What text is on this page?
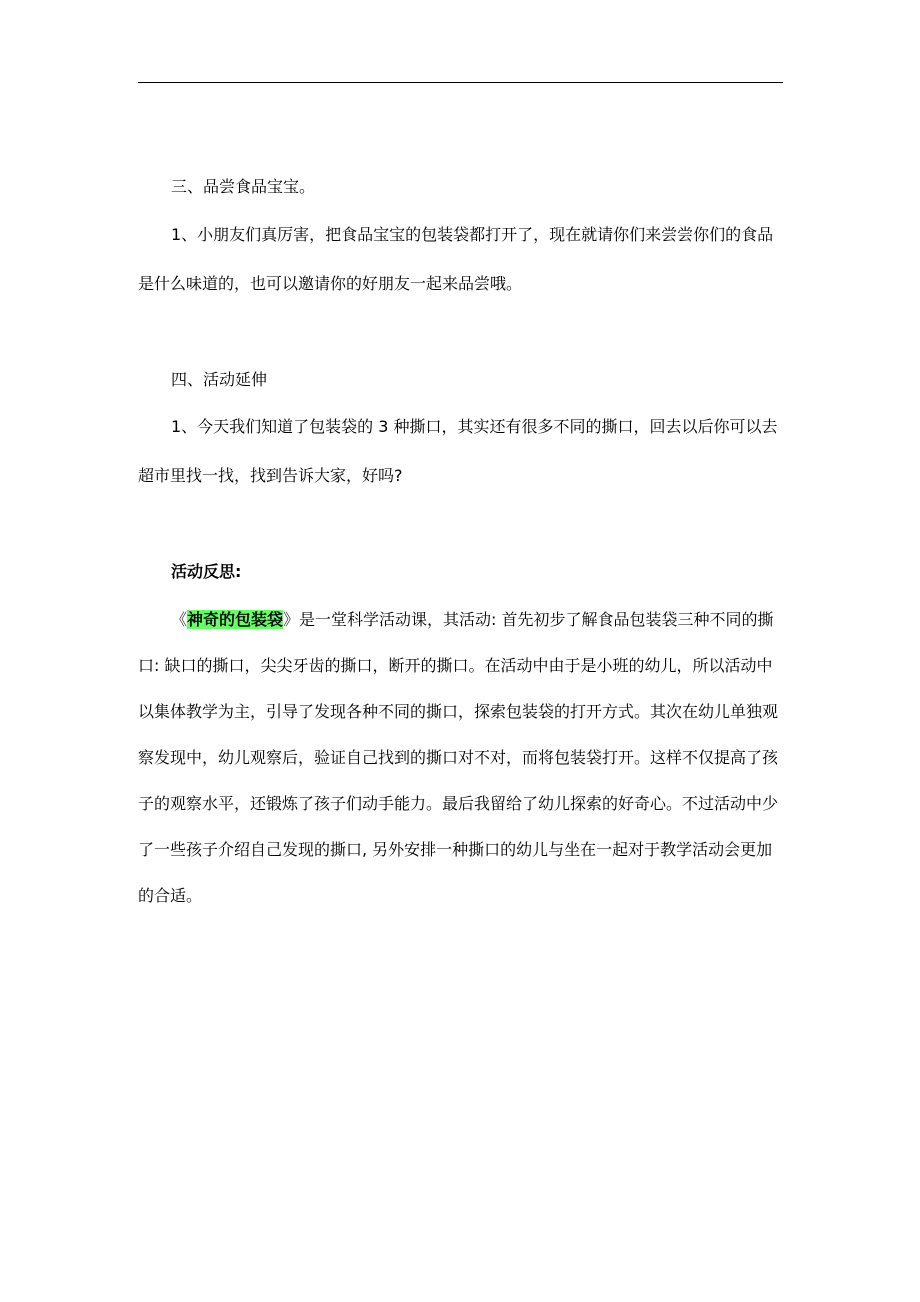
三、品尝食品宝宝。
1、小朋友们真厉害，把食品宝宝的包装袋都打开了，现在就请你们来尝尝你们的食品
是什么味道的，也可以邀请你的好朋友一起来品尝哦。
四、活动延伸
1、今天我们知道了包装袋的 3 种撕口，其实还有很多不同的撕口，回去以后你可以去
超市里找一找，找到告诉大家，好吗?
活动反思:
《神奇的包装袋》是一堂科学活动课，其活动: 首先初步了解食品包装袋三种不同的撕
口: 缺口的撕口，尖尖牙齿的撕口，断开的撕口。在活动中由于是小班的幼儿，所以活动中
以集体教学为主，引导了发现各种不同的撕口，探索包装袋的打开方式。其次在幼儿单独观
察发现中，幼儿观察后，验证自己找到的撕口对不对，而将包装袋打开。这样不仅提高了孩
子的观察水平，还锻炼了孩子们动手能力。最后我留给了幼儿探索的好奇心。不过活动中少
了一些孩子介绍自己发现的撕口, 另外安排一种撕口的幼儿与坐在一起对于教学活动会更加
的合适。
